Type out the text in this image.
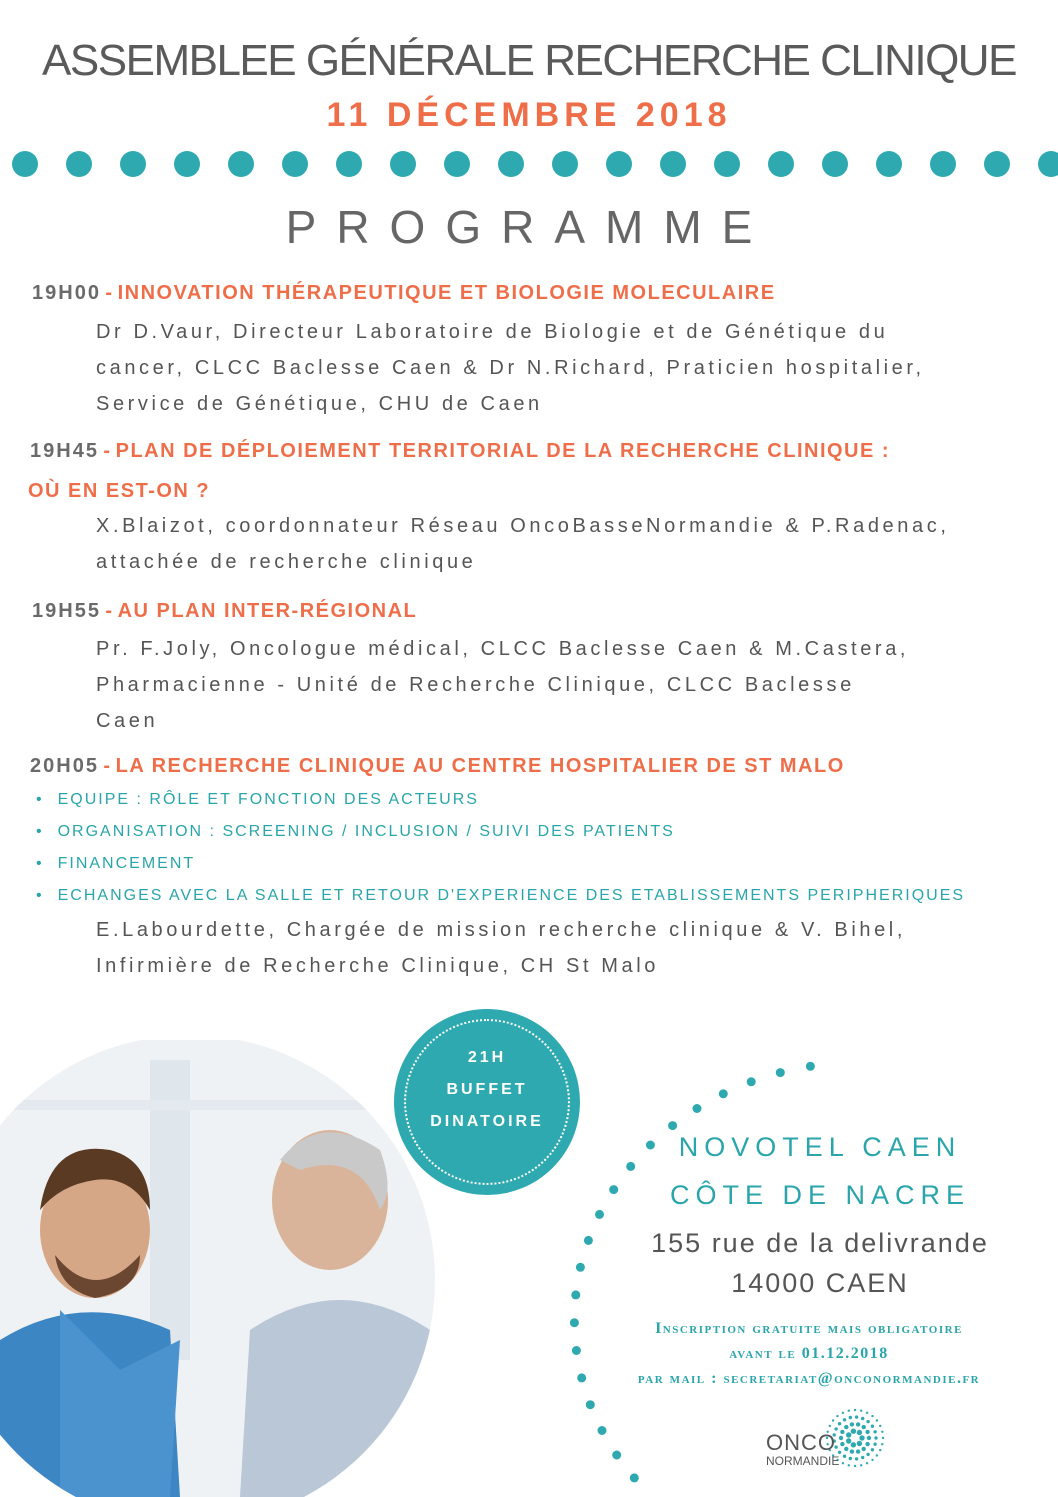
ASSEMBLEE GÉNÉRALE RECHERCHE CLINIQUE
11 DÉCEMBRE 2018
PROGRAMME
19H00 - INNOVATION THÉRAPEUTIQUE ET BIOLOGIE MOLECULAIRE
Dr D.Vaur, Directeur Laboratoire de Biologie et de Génétique du
cancer, CLCC Baclesse Caen & Dr N.Richard, Praticien hospitalier,
Service de Génétique, CHU de Caen
19H45 - PLAN DE DÉPLOIEMENT TERRITORIAL DE LA RECHERCHE CLINIQUE :
OÙ EN EST-ON ?
X.Blaizot, coordonnateur Réseau OncoBasseNormandie & P.Radenac,
attachée de recherche clinique
19H55 - AU PLAN INTER-RÉGIONAL
Pr. F.Joly, Oncologue médical, CLCC Baclesse Caen & M.Castera,
Pharmacienne - Unité de Recherche Clinique, CLCC Baclesse
Caen
20H05 - LA RECHERCHE CLINIQUE AU CENTRE HOSPITALIER DE ST MALO
• EQUIPE : RÔLE ET FONCTION DES ACTEURS
• ORGANISATION : SCREENING / INCLUSION / SUIVI DES PATIENTS
• FINANCEMENT
• ECHANGES AVEC LA SALLE ET RETOUR D'EXPERIENCE DES ETABLISSEMENTS PERIPHERIQUES
E.Labourdette, Chargée de mission recherche clinique & V. Bihel,
Infirmière de Recherche Clinique, CH St Malo
21H
BUFFET
DINATOIRE
NOVOTEL CAEN
CÔTE DE NACRE
155 rue de la delivrande
14000 CAEN
Inscription gratuite mais obligatoire
avant le 01.12.2018
par mail : secretariat@onconormandie.fr
ONCO
NORMANDIE
